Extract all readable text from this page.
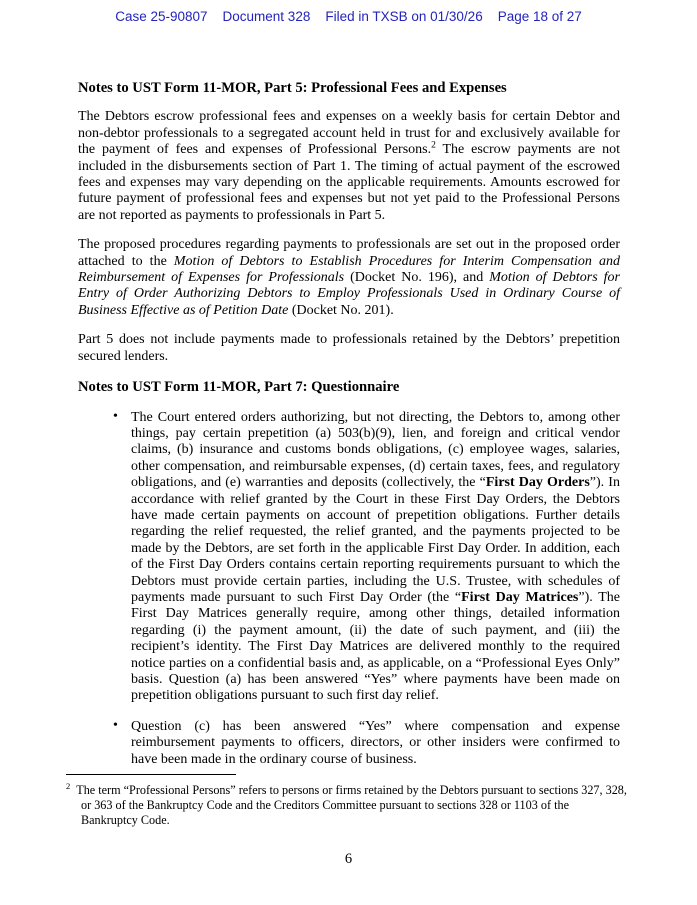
Case 25-90807 Document 328 Filed in TXSB on 01/30/26 Page 18 of 27

Notes to UST Form 11-MOR, Part 5: Professional Fees and Expenses

The Debtors escrow professional fees and expenses on a weekly basis for certain Debtor and non-debtor professionals to a segregated account held in trust for and exclusively available for the payment of fees and expenses of Professional Persons.$^2$ The escrow payments are not included in the disbursements section of Part 1. The timing of actual payment of the escrowed fees and expenses may vary depending on the applicable requirements. Amounts escrowed for future payment of professional fees and expenses but not yet paid to the Professional Persons are not reported as payments to professionals in Part 5.

The proposed procedures regarding payments to professionals are set out in the proposed order attached to the Motion of Debtors to Establish Procedures for Interim Compensation and Reimbursement of Expenses for Professionals (Docket No. 196), and Motion of Debtors for Entry of Order Authorizing Debtors to Employ Professionals Used in Ordinary Course of Business Effective as of Petition Date (Docket No. 201).

Part 5 does not include payments made to professionals retained by the Debtors’ prepetition secured lenders.

Notes to UST Form 11-MOR, Part 7: Questionnaire

• The Court entered orders authorizing, but not directing, the Debtors to, among other things, pay certain prepetition (a) 503(b)(9), lien, and foreign and critical vendor claims, (b) insurance and customs bonds obligations, (c) employee wages, salaries, other compensation, and reimbursable expenses, (d) certain taxes, fees, and regulatory obligations, and (e) warranties and deposits (collectively, the “First Day Orders”). In accordance with relief granted by the Court in these First Day Orders, the Debtors have made certain payments on account of prepetition obligations. Further details regarding the relief requested, the relief granted, and the payments projected to be made by the Debtors, are set forth in the applicable First Day Order. In addition, each of the First Day Orders contains certain reporting requirements pursuant to which the Debtors must provide certain parties, including the U.S. Trustee, with schedules of payments made pursuant to such First Day Order (the “First Day Matrices”). The First Day Matrices generally require, among other things, detailed information regarding (i) the payment amount, (ii) the date of such payment, and (iii) the recipient’s identity. The First Day Matrices are delivered monthly to the required notice parties on a confidential basis and, as applicable, on a “Professional Eyes Only” basis. Question (a) has been answered “Yes” where payments have been made on prepetition obligations pursuant to such first day relief.
• Question (c) has been answered “Yes” where compensation and expense reimbursement payments to officers, directors, or other insiders were confirmed to have been made in the ordinary course of business.
$^2$ The term “Professional Persons” refers to persons or firms retained by the Debtors pursuant to sections 327, 328, or 363 of the Bankruptcy Code and the Creditors Committee pursuant to sections 328 or 1103 of the Bankruptcy Code.
6
